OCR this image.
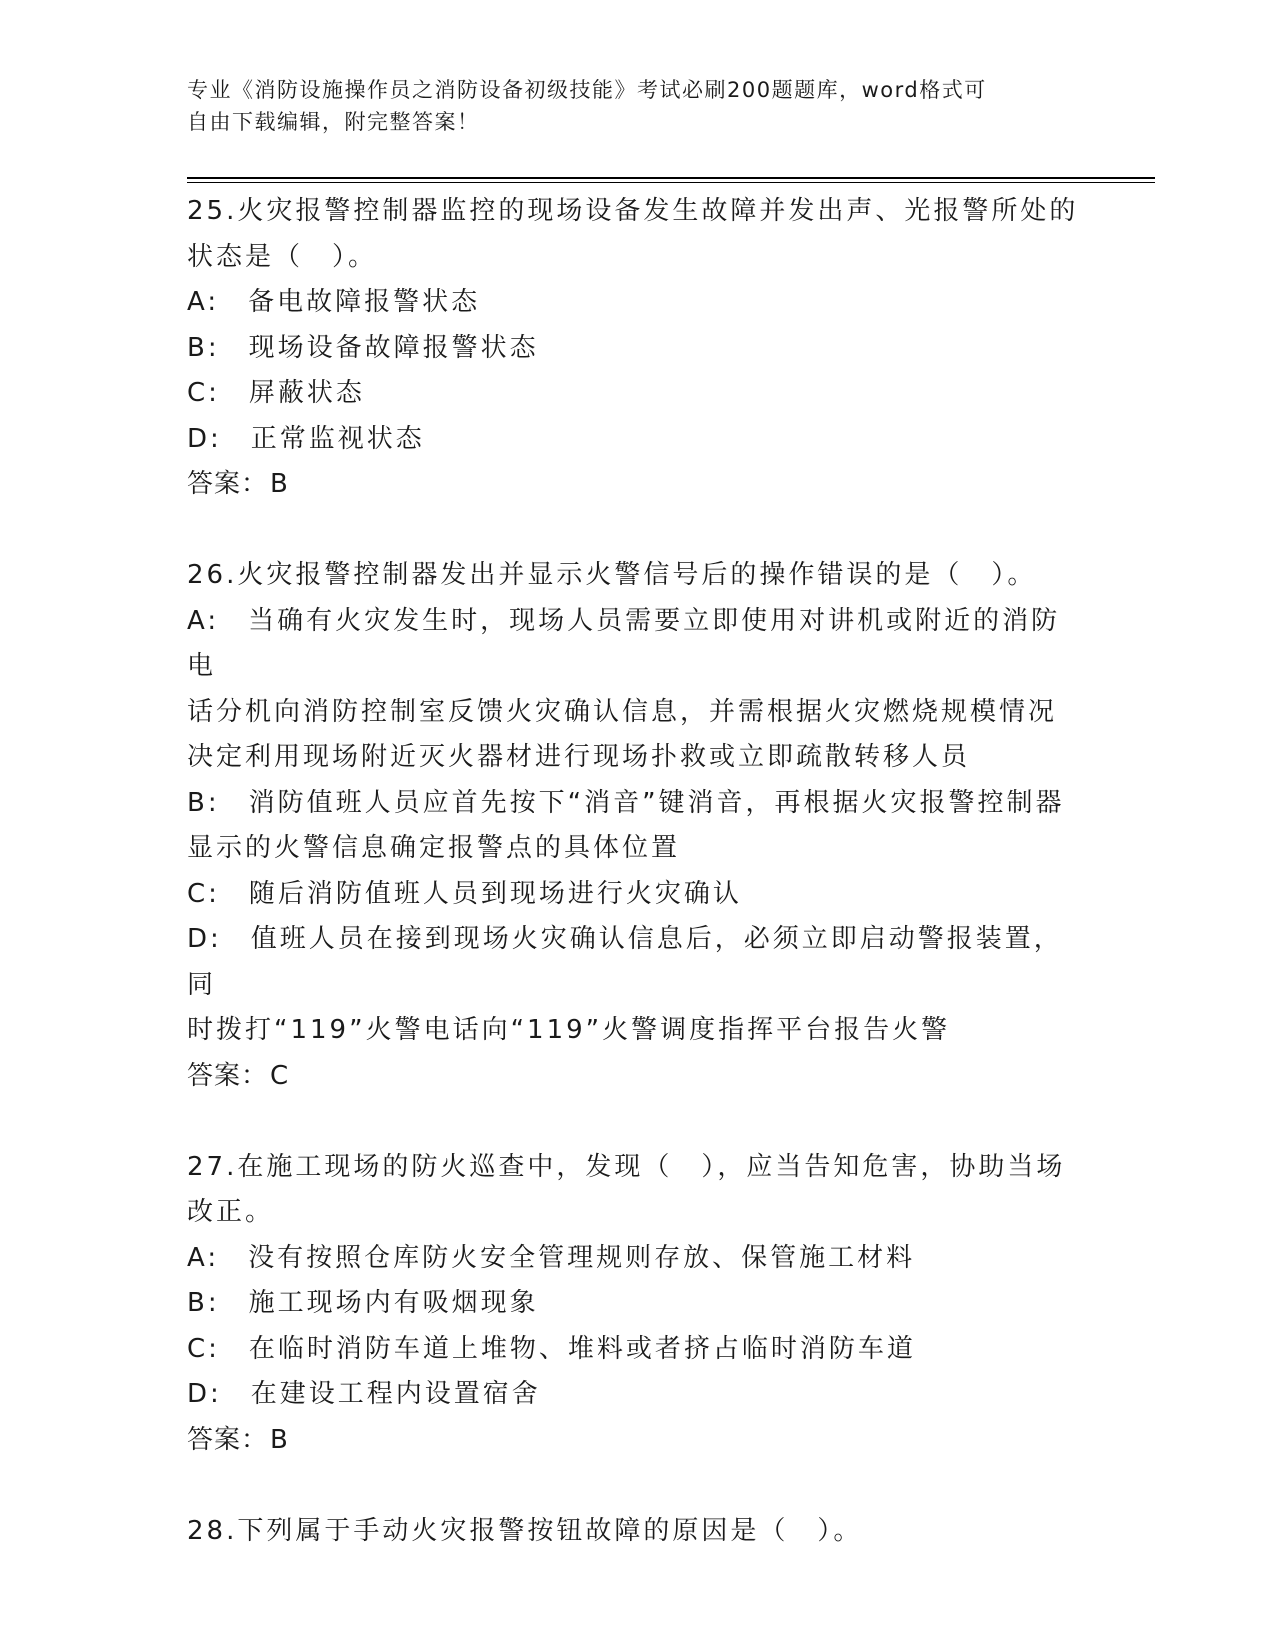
专业《消防设施操作员之消防设备初级技能》考试必刷200题题库，word格式可
自由下载编辑，附完整答案！

25.火灾报警控制器监控的现场设备发生故障并发出声、光报警所处的

状态是（　）。

A:　备电故障报警状态

B:　现场设备故障报警状态

C:　屏蔽状态

D:　正常监视状态

答案：B

26.火灾报警控制器发出并显示火警信号后的操作错误的是（　）。

A:　当确有火灾发生时，现场人员需要立即使用对讲机或附近的消防电

话分机向消防控制室反馈火灾确认信息，并需根据火灾燃烧规模情况

决定利用现场附近灭火器材进行现场扑救或立即疏散转移人员

B:　消防值班人员应首先按下“消音”键消音，再根据火灾报警控制器

显示的火警信息确定报警点的具体位置

C:　随后消防值班人员到现场进行火灾确认

D:　值班人员在接到现场火灾确认信息后，必须立即启动警报装置，同

时拨打“119”火警电话向“119”火警调度指挥平台报告火警

答案：C

27.在施工现场的防火巡查中，发现（　），应当告知危害，协助当场

改正。

A:　没有按照仓库防火安全管理规则存放、保管施工材料

B:　施工现场内有吸烟现象

C:　在临时消防车道上堆物、堆料或者挤占临时消防车道

D:　在建设工程内设置宿舍

答案：B

28.下列属于手动火灾报警按钮故障的原因是（　）。
